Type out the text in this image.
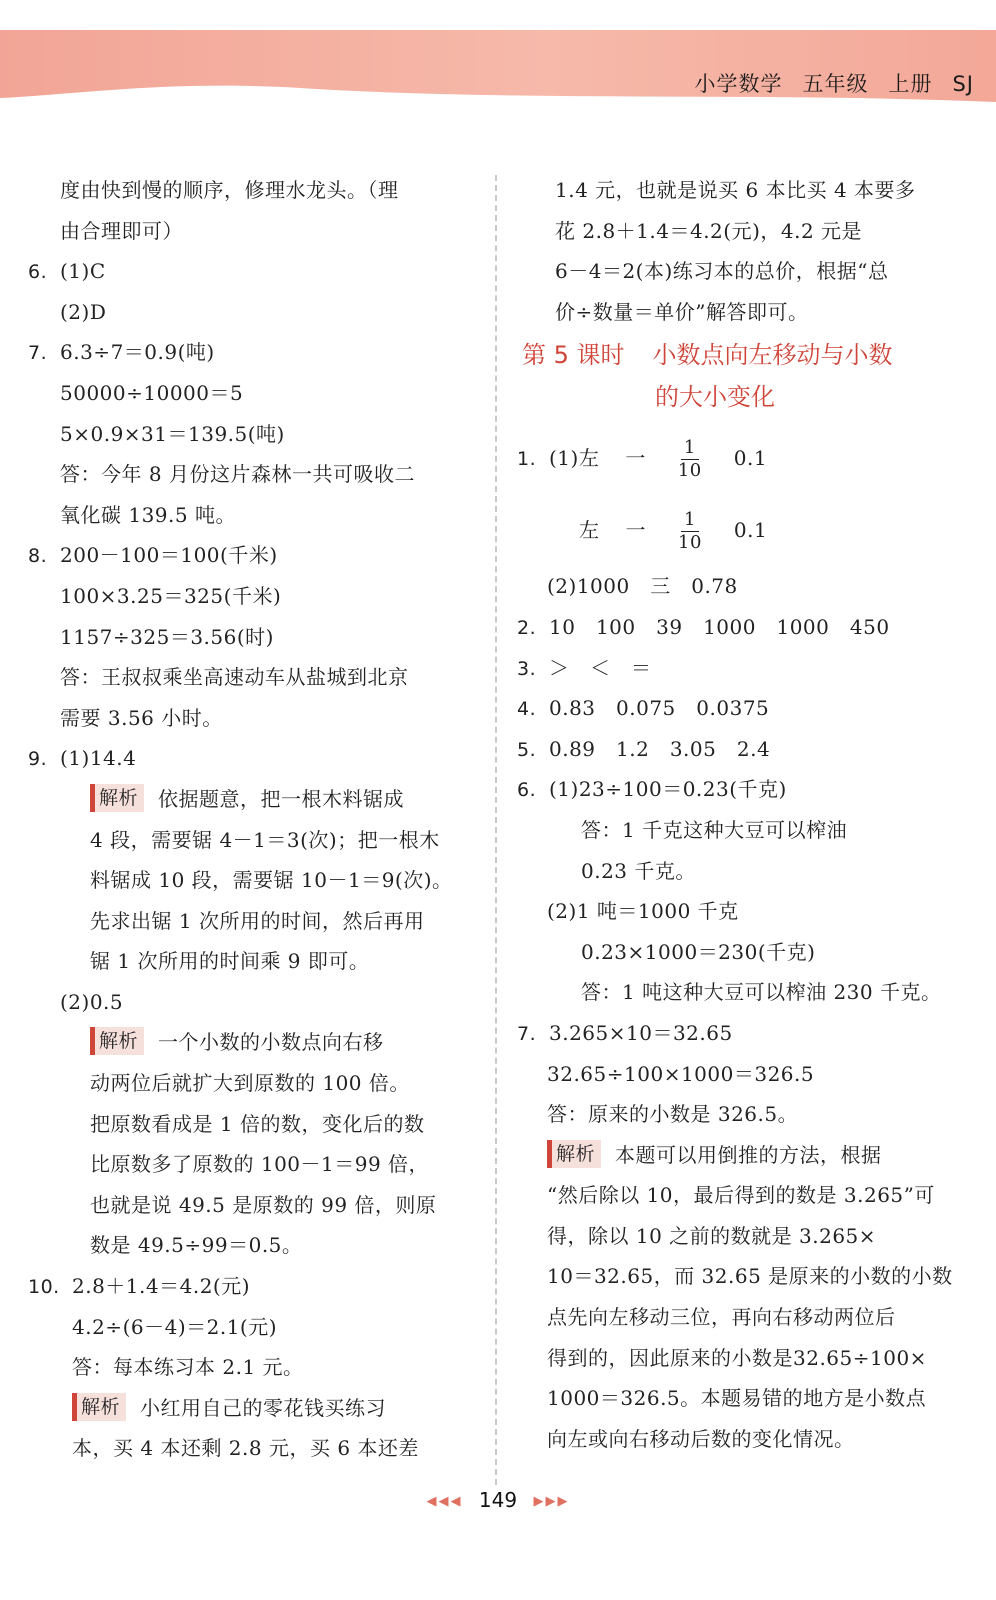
小学数学 五年级 上册 SJ
度由快到慢的顺序，修理水龙头。（理
由合理即可）
6. (1)C
(2)D
7. 6.3÷7＝0.9(吨)
50000÷10000＝5
5×0.9×31＝139.5(吨)
答：今年 8 月份这片森林一共可吸收二
氧化碳 139.5 吨。
8. 200－100＝100(千米)
100×3.25＝325(千米)
1157÷325＝3.56(时)
答：王叔叔乘坐高速动车从盐城到北京
需要 3.56 小时。
9. (1)14.4
解析 依据题意，把一根木料锯成
4 段，需要锯 4－1＝3(次)；把一根木
料锯成 10 段，需要锯 10－1＝9(次)。
先求出锯 1 次所用的时间，然后再用
锯 1 次所用的时间乘 9 即可。
(2)0.5
解析 一个小数的小数点向右移
动两位后就扩大到原数的 100 倍。
把原数看成是 1 倍的数，变化后的数
比原数多了原数的 100－1＝99 倍，
也就是说 49.5 是原数的 99 倍，则原
数是 49.5÷99＝0.5。
10. 2.8＋1.4＝4.2(元)
4.2÷(6－4)＝2.1(元)
答：每本练习本 2.1 元。
解析 小红用自己的零花钱买练习
本，买 4 本还剩 2.8 元，买 6 本还差
1.4 元，也就是说买 6 本比买 4 本要多
花 2.8＋1.4＝4.2(元)，4.2 元是
6－4＝2(本)练习本的总价，根据“总
价÷数量＝单价”解答即可。
第 5 课时 小数点向左移动与小数
的大小变化
1. (1)左 一 $\frac{1}{10} 0.1$
左 一 $\frac{1}{10} 0.1$
(2)1000　三　0.78
2. 10　100　39　1000　1000　450
3. ＞　＜　＝
4. 0.83　0.075　0.0375
5. 0.89　1.2　3.05　2.4
6. (1)23÷100＝0.23(千克)
答：1 千克这种大豆可以榨油
0.23 千克。
(2)1 吨＝1000 千克
0.23×1000＝230(千克)
答：1 吨这种大豆可以榨油 230 千克。
7. 3.265×10＝32.65
32.65÷100×1000＝326.5
答：原来的小数是 326.5。
解析 本题可以用倒推的方法，根据
“然后除以 10，最后得到的数是 3.265”可
得，除以 10 之前的数就是 3.265×
10＝32.65，而 32.65 是原来的小数的小数
点先向左移动三位，再向右移动两位后
得到的，因此原来的小数是32.65÷100×
1000＝326.5。本题易错的地方是小数点
向左或向右移动后数的变化情况。
◀◀◀ 149 ▶▶▶
